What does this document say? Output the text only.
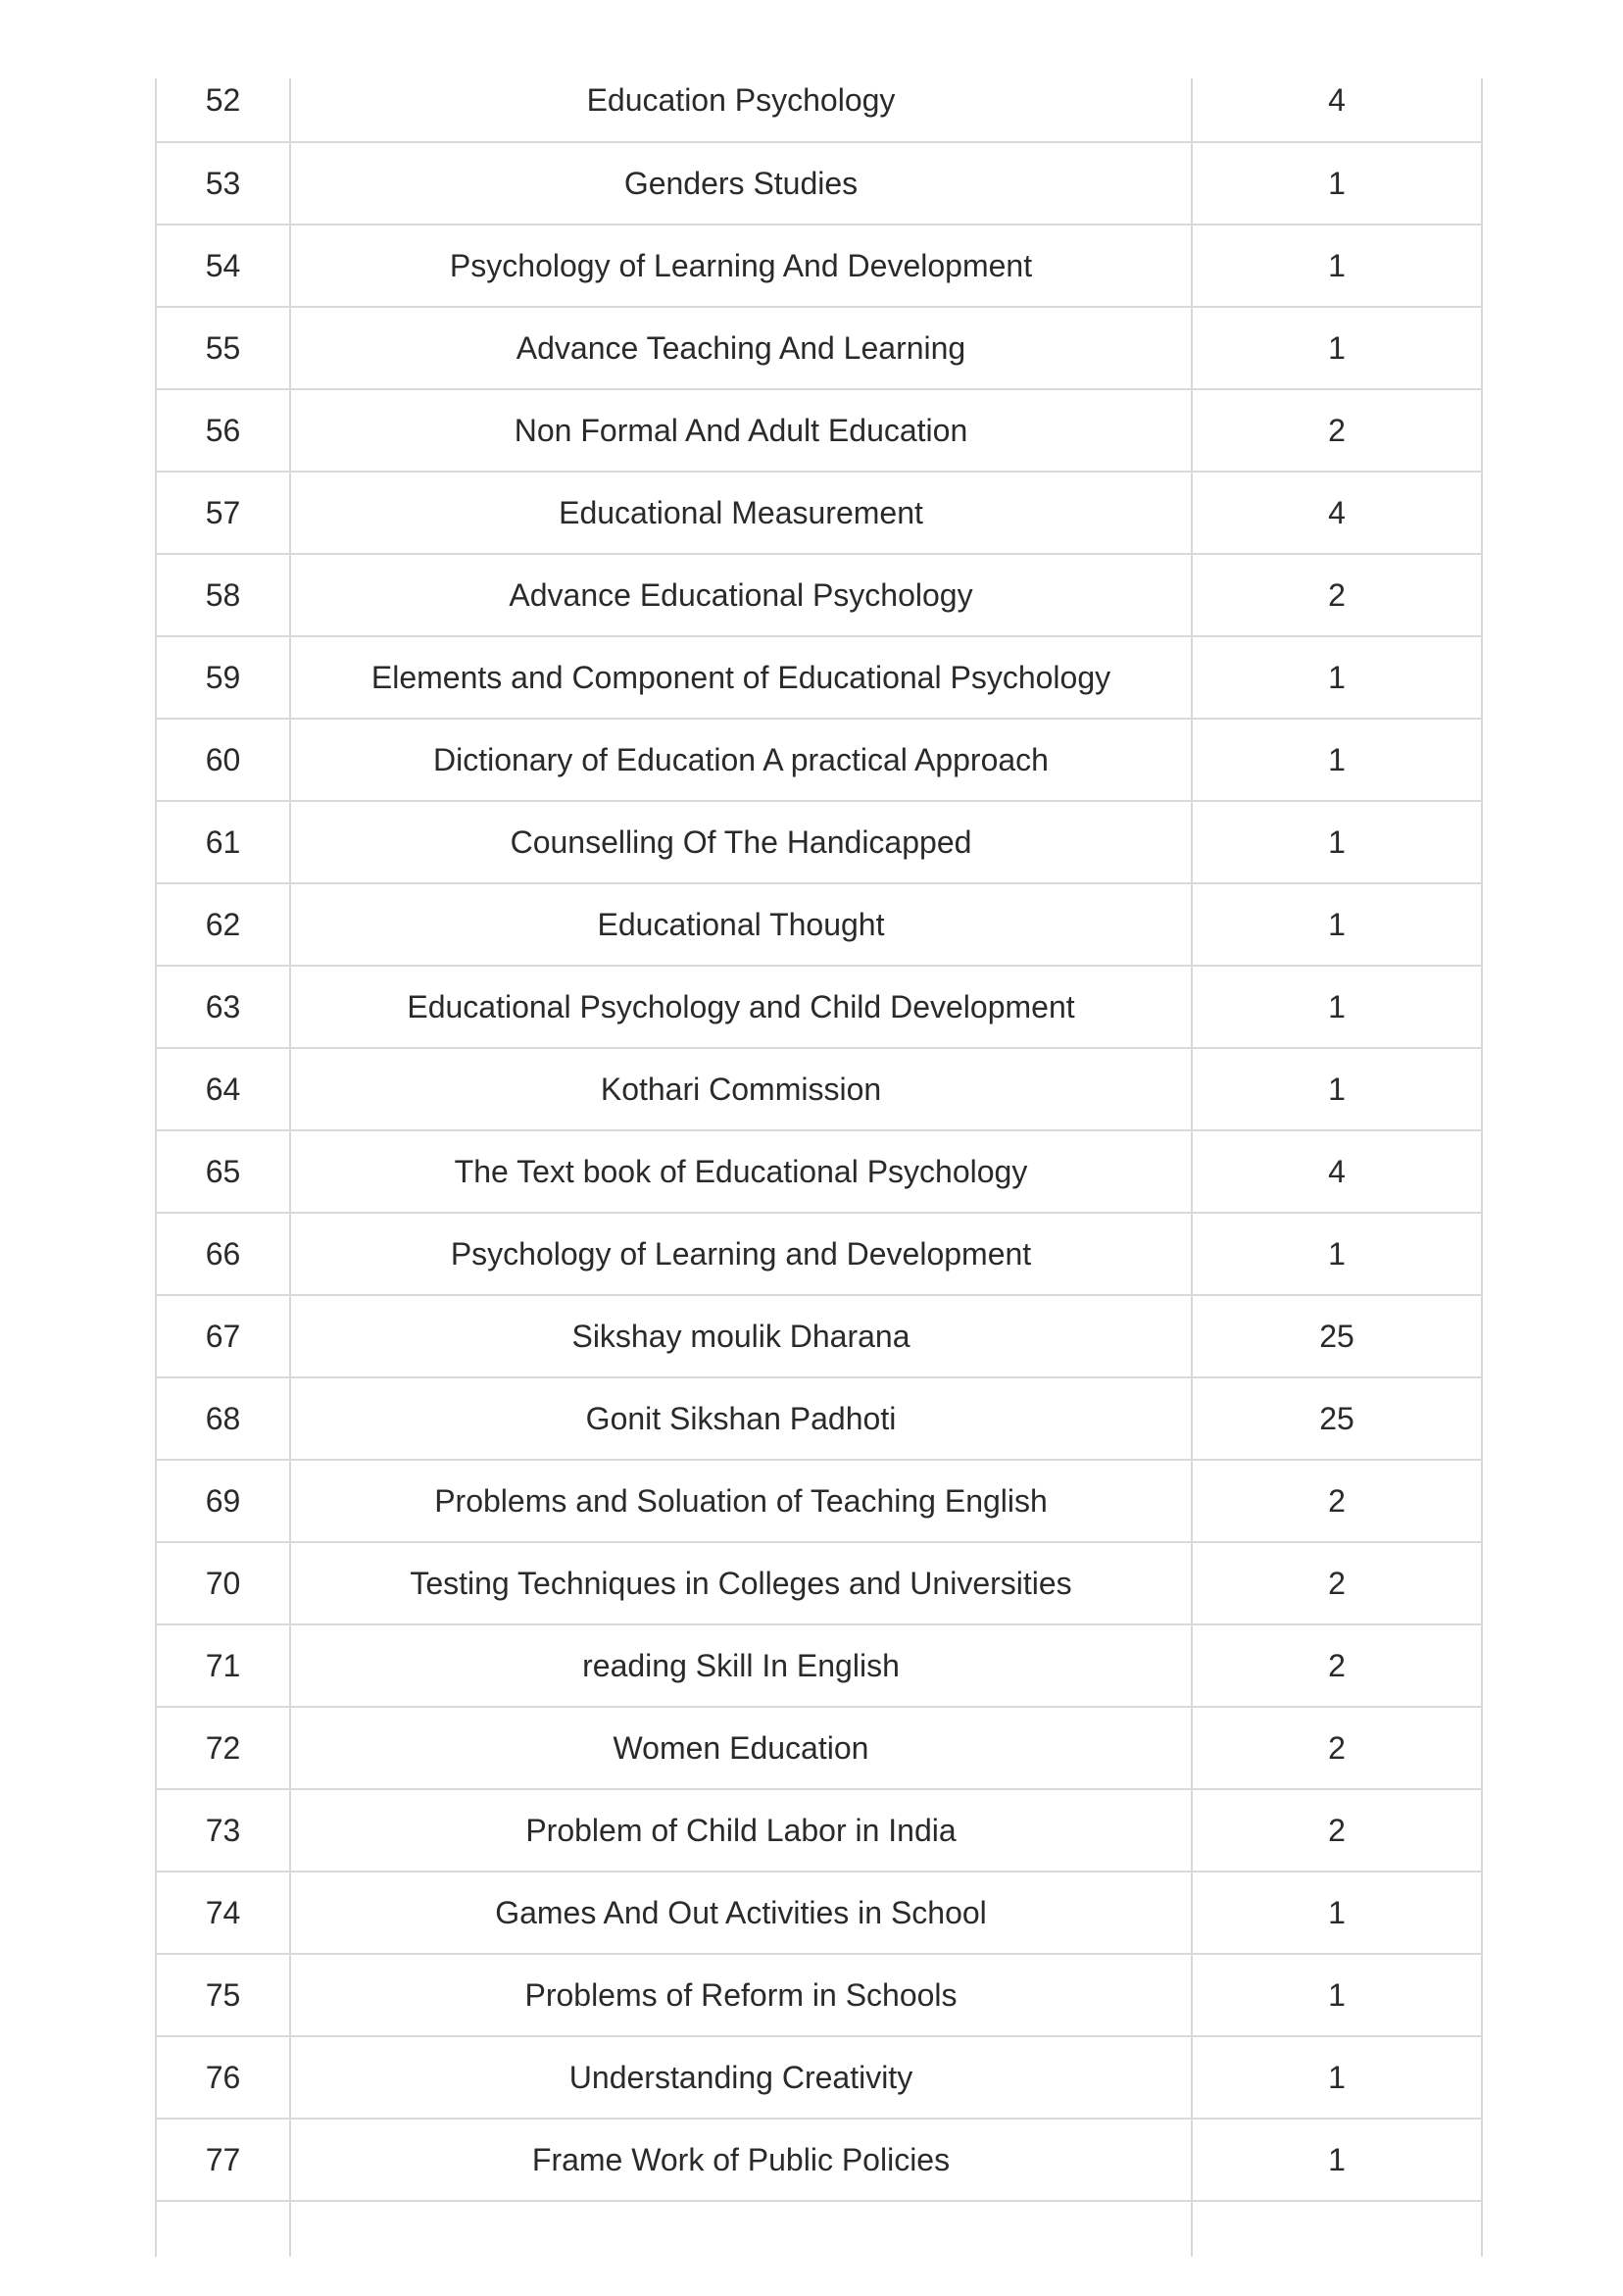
52	Education Psychology	4
53	Genders Studies	1
54	Psychology of Learning And Development	1
55	Advance Teaching And Learning	1
56	Non Formal And Adult Education	2
57	Educational Measurement	4
58	Advance Educational Psychology	2
59	Elements and Component of Educational Psychology	1
60	Dictionary of Education A practical Approach	1
61	Counselling Of The Handicapped	1
62	Educational Thought	1
63	Educational Psychology and Child Development	1
64	Kothari Commission	1
65	The Text book of Educational Psychology	4
66	Psychology of Learning and Development	1
67	Sikshay moulik Dharana	25
68	Gonit Sikshan Padhoti	25
69	Problems and Soluation of Teaching English	2
70	Testing Techniques in Colleges and Universities	2
71	reading Skill In English	2
72	Women Education	2
73	Problem of Child Labor in India	2
74	Games And Out Activities in School	1
75	Problems of Reform in Schools	1
76	Understanding Creativity	1
77	Frame Work of Public Policies	1
